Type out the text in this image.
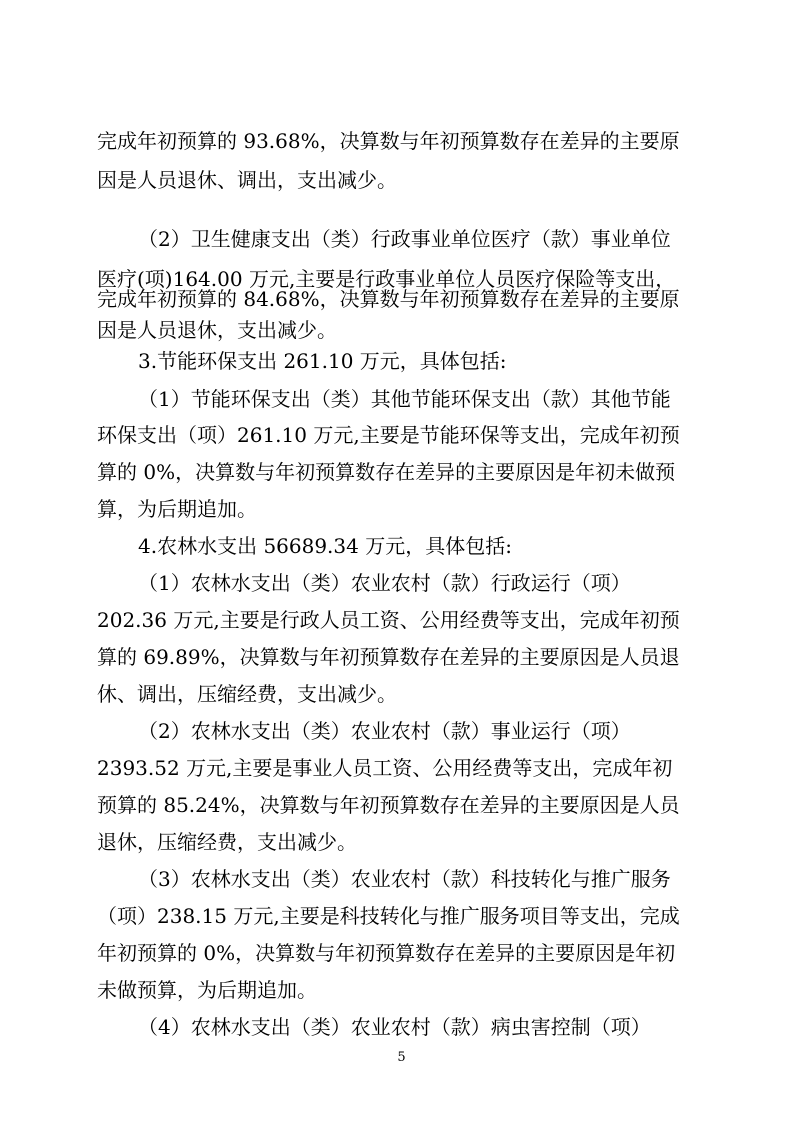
完成年初预算的 93.68%，决算数与年初预算数存在差异的主要原
因是人员退休、调出，支出减少。
（2）卫生健康支出（类）行政事业单位医疗（款）事业单位
医疗(项)164.00 万元,主要是行政事业单位人员医疗保险等支出，
完成年初预算的 84.68%，决算数与年初预算数存在差异的主要原
因是人员退休，支出减少。
3.节能环保支出 261.10 万元，具体包括:
（1）节能环保支出（类）其他节能环保支出（款）其他节能
环保支出（项）261.10 万元,主要是节能环保等支出，完成年初预
算的 0%，决算数与年初预算数存在差异的主要原因是年初未做预
算，为后期追加。
4.农林水支出 56689.34 万元，具体包括:
（1）农林水支出（类）农业农村（款）行政运行（项）
202.36 万元,主要是行政人员工资、公用经费等支出，完成年初预
算的 69.89%，决算数与年初预算数存在差异的主要原因是人员退
休、调出，压缩经费，支出减少。
（2）农林水支出（类）农业农村（款）事业运行（项）
2393.52 万元,主要是事业人员工资、公用经费等支出，完成年初
预算的 85.24%，决算数与年初预算数存在差异的主要原因是人员
退休，压缩经费，支出减少。
（3）农林水支出（类）农业农村（款）科技转化与推广服务
（项）238.15 万元,主要是科技转化与推广服务项目等支出，完成
年初预算的 0%，决算数与年初预算数存在差异的主要原因是年初
未做预算，为后期追加。
（4）农林水支出（类）农业农村（款）病虫害控制（项）
5
